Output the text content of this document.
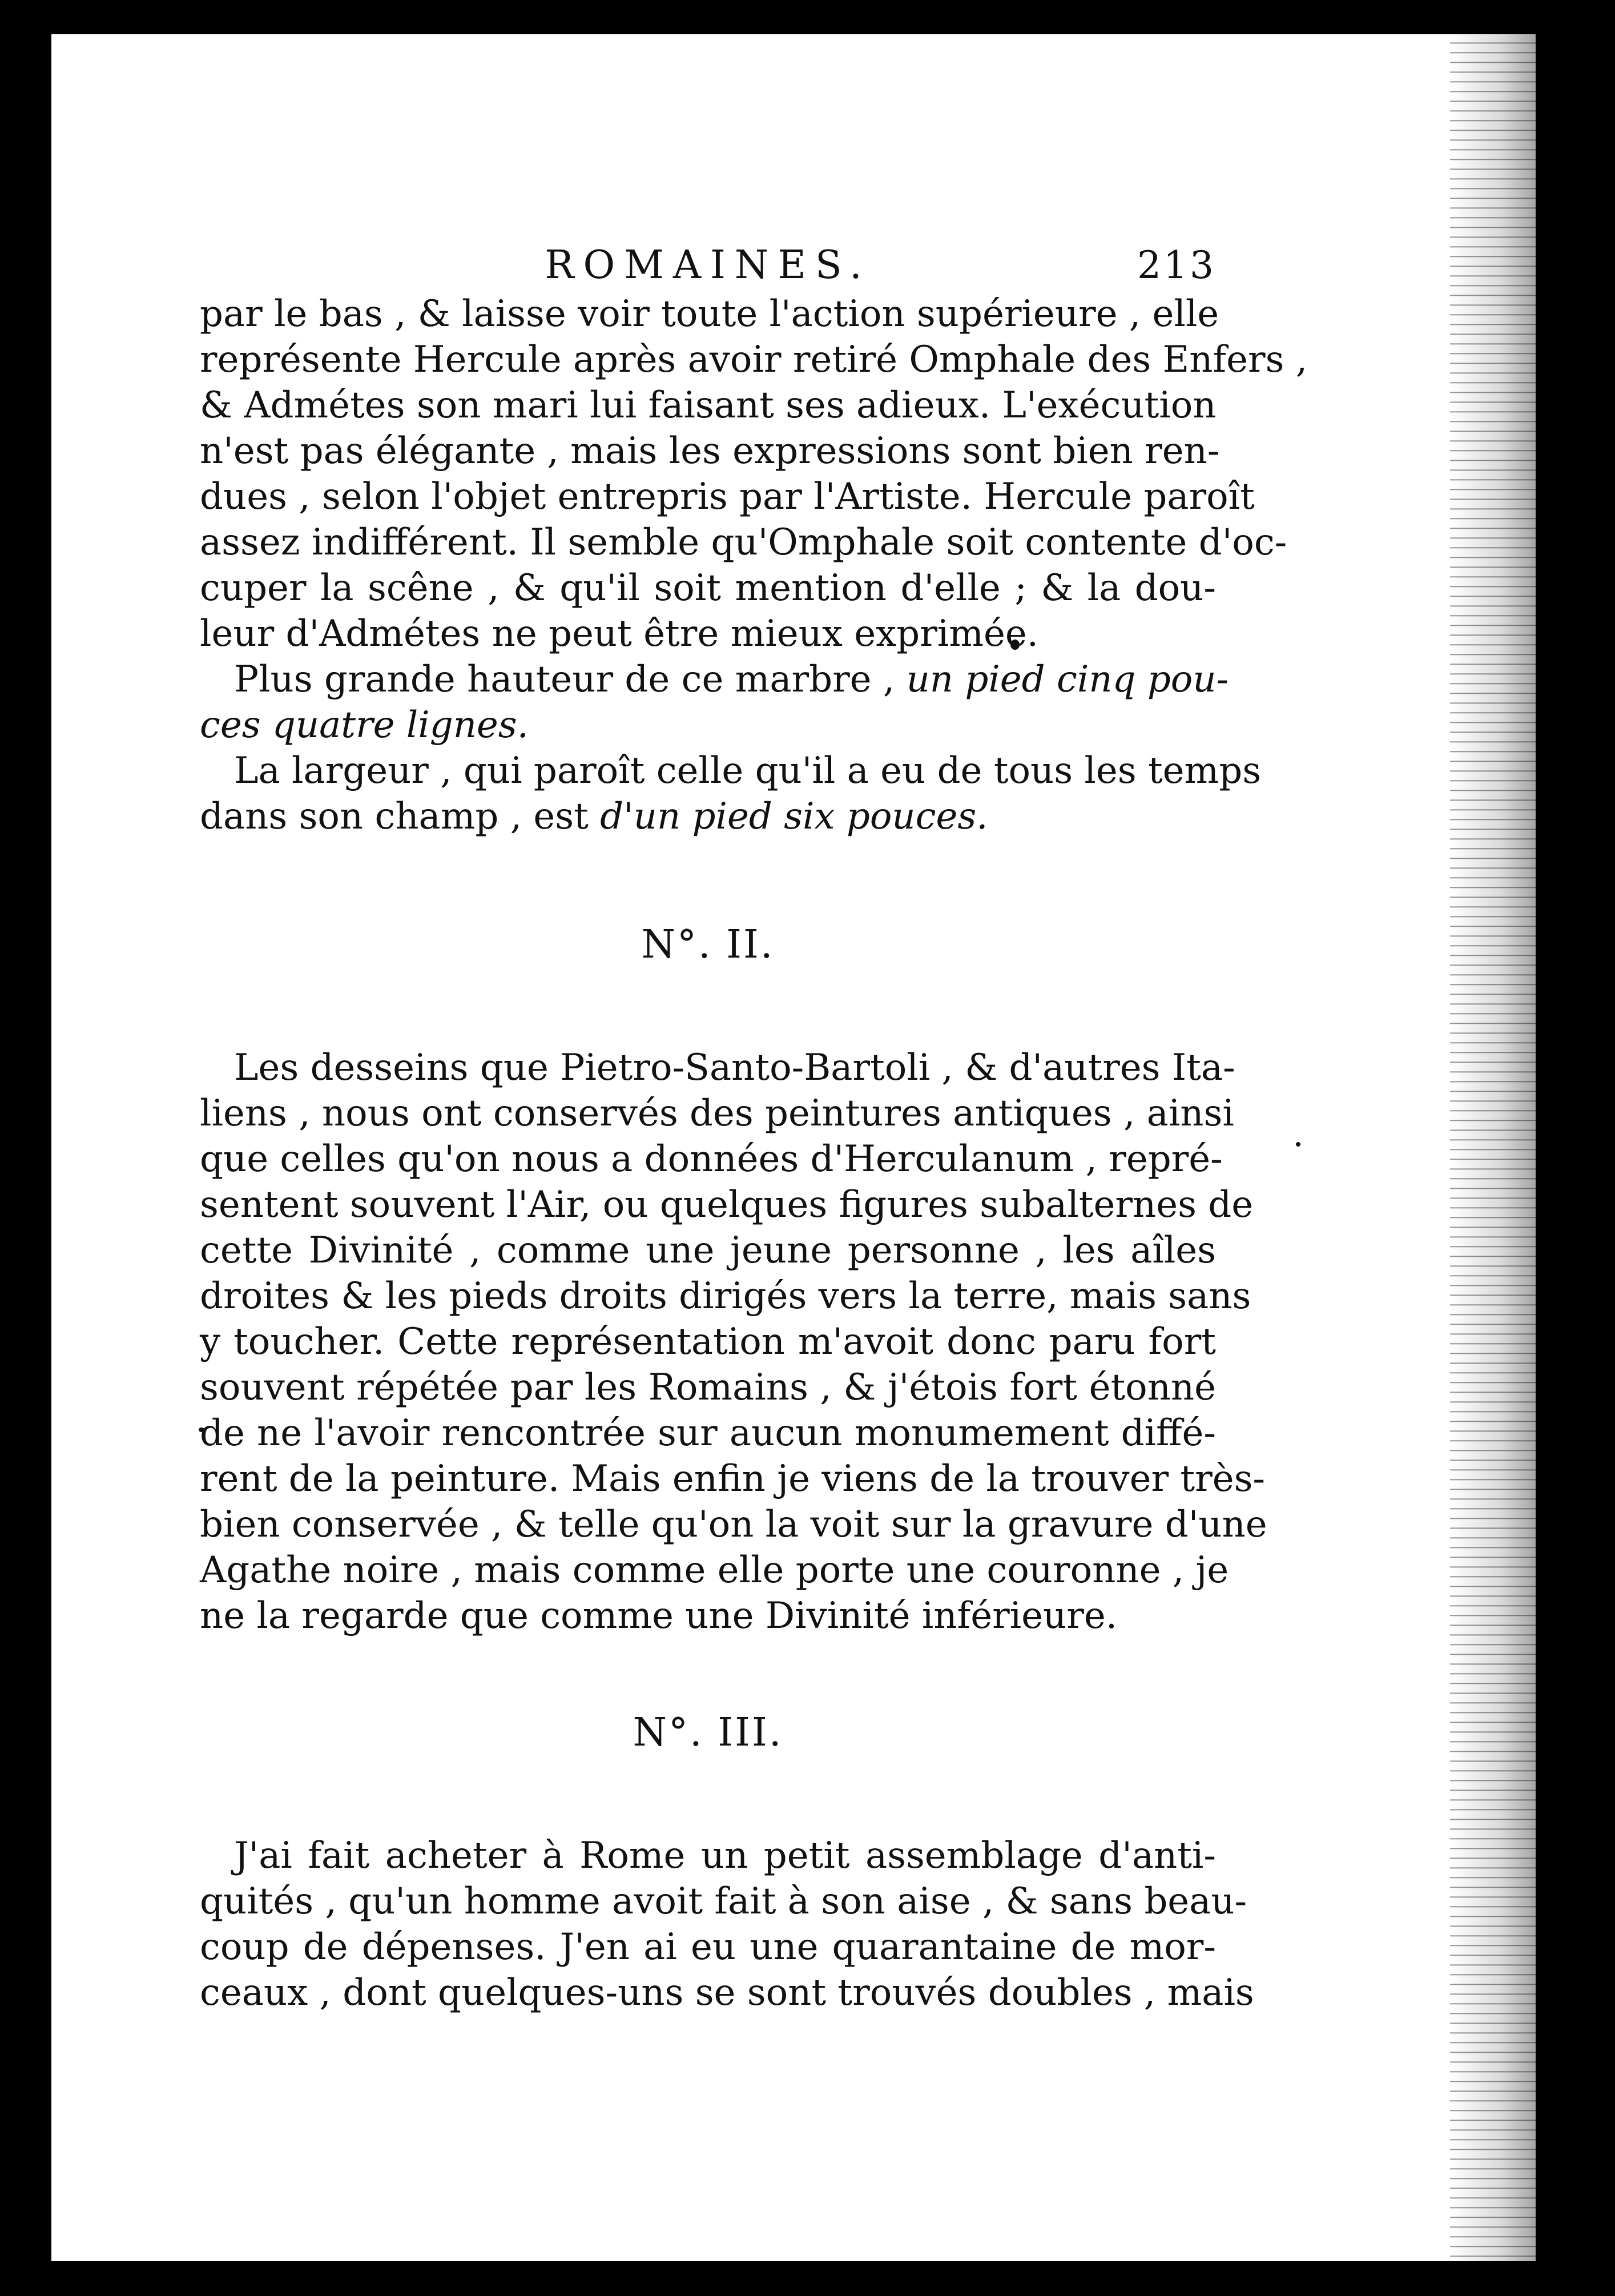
ROMAINES.	213
par le bas , & laisse voir toute l'action supérieure , elle
représente Hercule après avoir retiré Omphale des Enfers ,
& Admétes son mari lui faisant ses adieux. L'exécution
n'est pas élégante , mais les expressions sont bien ren-
dues , selon l'objet entrepris par l'Artiste. Hercule paroît
assez indifférent. Il semble qu'Omphale soit contente d'oc-
cuper la scêne , & qu'il soit mention d'elle ; & la dou-
leur d'Admétes ne peut être mieux exprimée.
Plus grande hauteur de ce marbre , un pied cinq pou-
ces quatre lignes.
La largeur , qui paroît celle qu'il a eu de tous les temps
dans son champ , est d'un pied six pouces.
N°. II.
Les desseins que Pietro-Santo-Bartoli , & d'autres Ita-
liens , nous ont conservés des peintures antiques , ainsi
que celles qu'on nous a données d'Herculanum , repré-
sentent souvent l'Air, ou quelques figures subalternes de
cette Divinité , comme une jeune personne , les aîles
droites & les pieds droits dirigés vers la terre, mais sans
y toucher. Cette représentation m'avoit donc paru fort
souvent répétée par les Romains , & j'étois fort étonné
de ne l'avoir rencontrée sur aucun monumement diffé-
rent de la peinture. Mais enfin je viens de la trouver très-
bien conservée , & telle qu'on la voit sur la gravure d'une
Agathe noire , mais comme elle porte une couronne , je
ne la regarde que comme une Divinité inférieure.
N°. III.
J'ai fait acheter à Rome un petit assemblage d'anti-
quités , qu'un homme avoit fait à son aise , & sans beau-
coup de dépenses. J'en ai eu une quarantaine de mor-
ceaux , dont quelques-uns se sont trouvés doubles , mais
